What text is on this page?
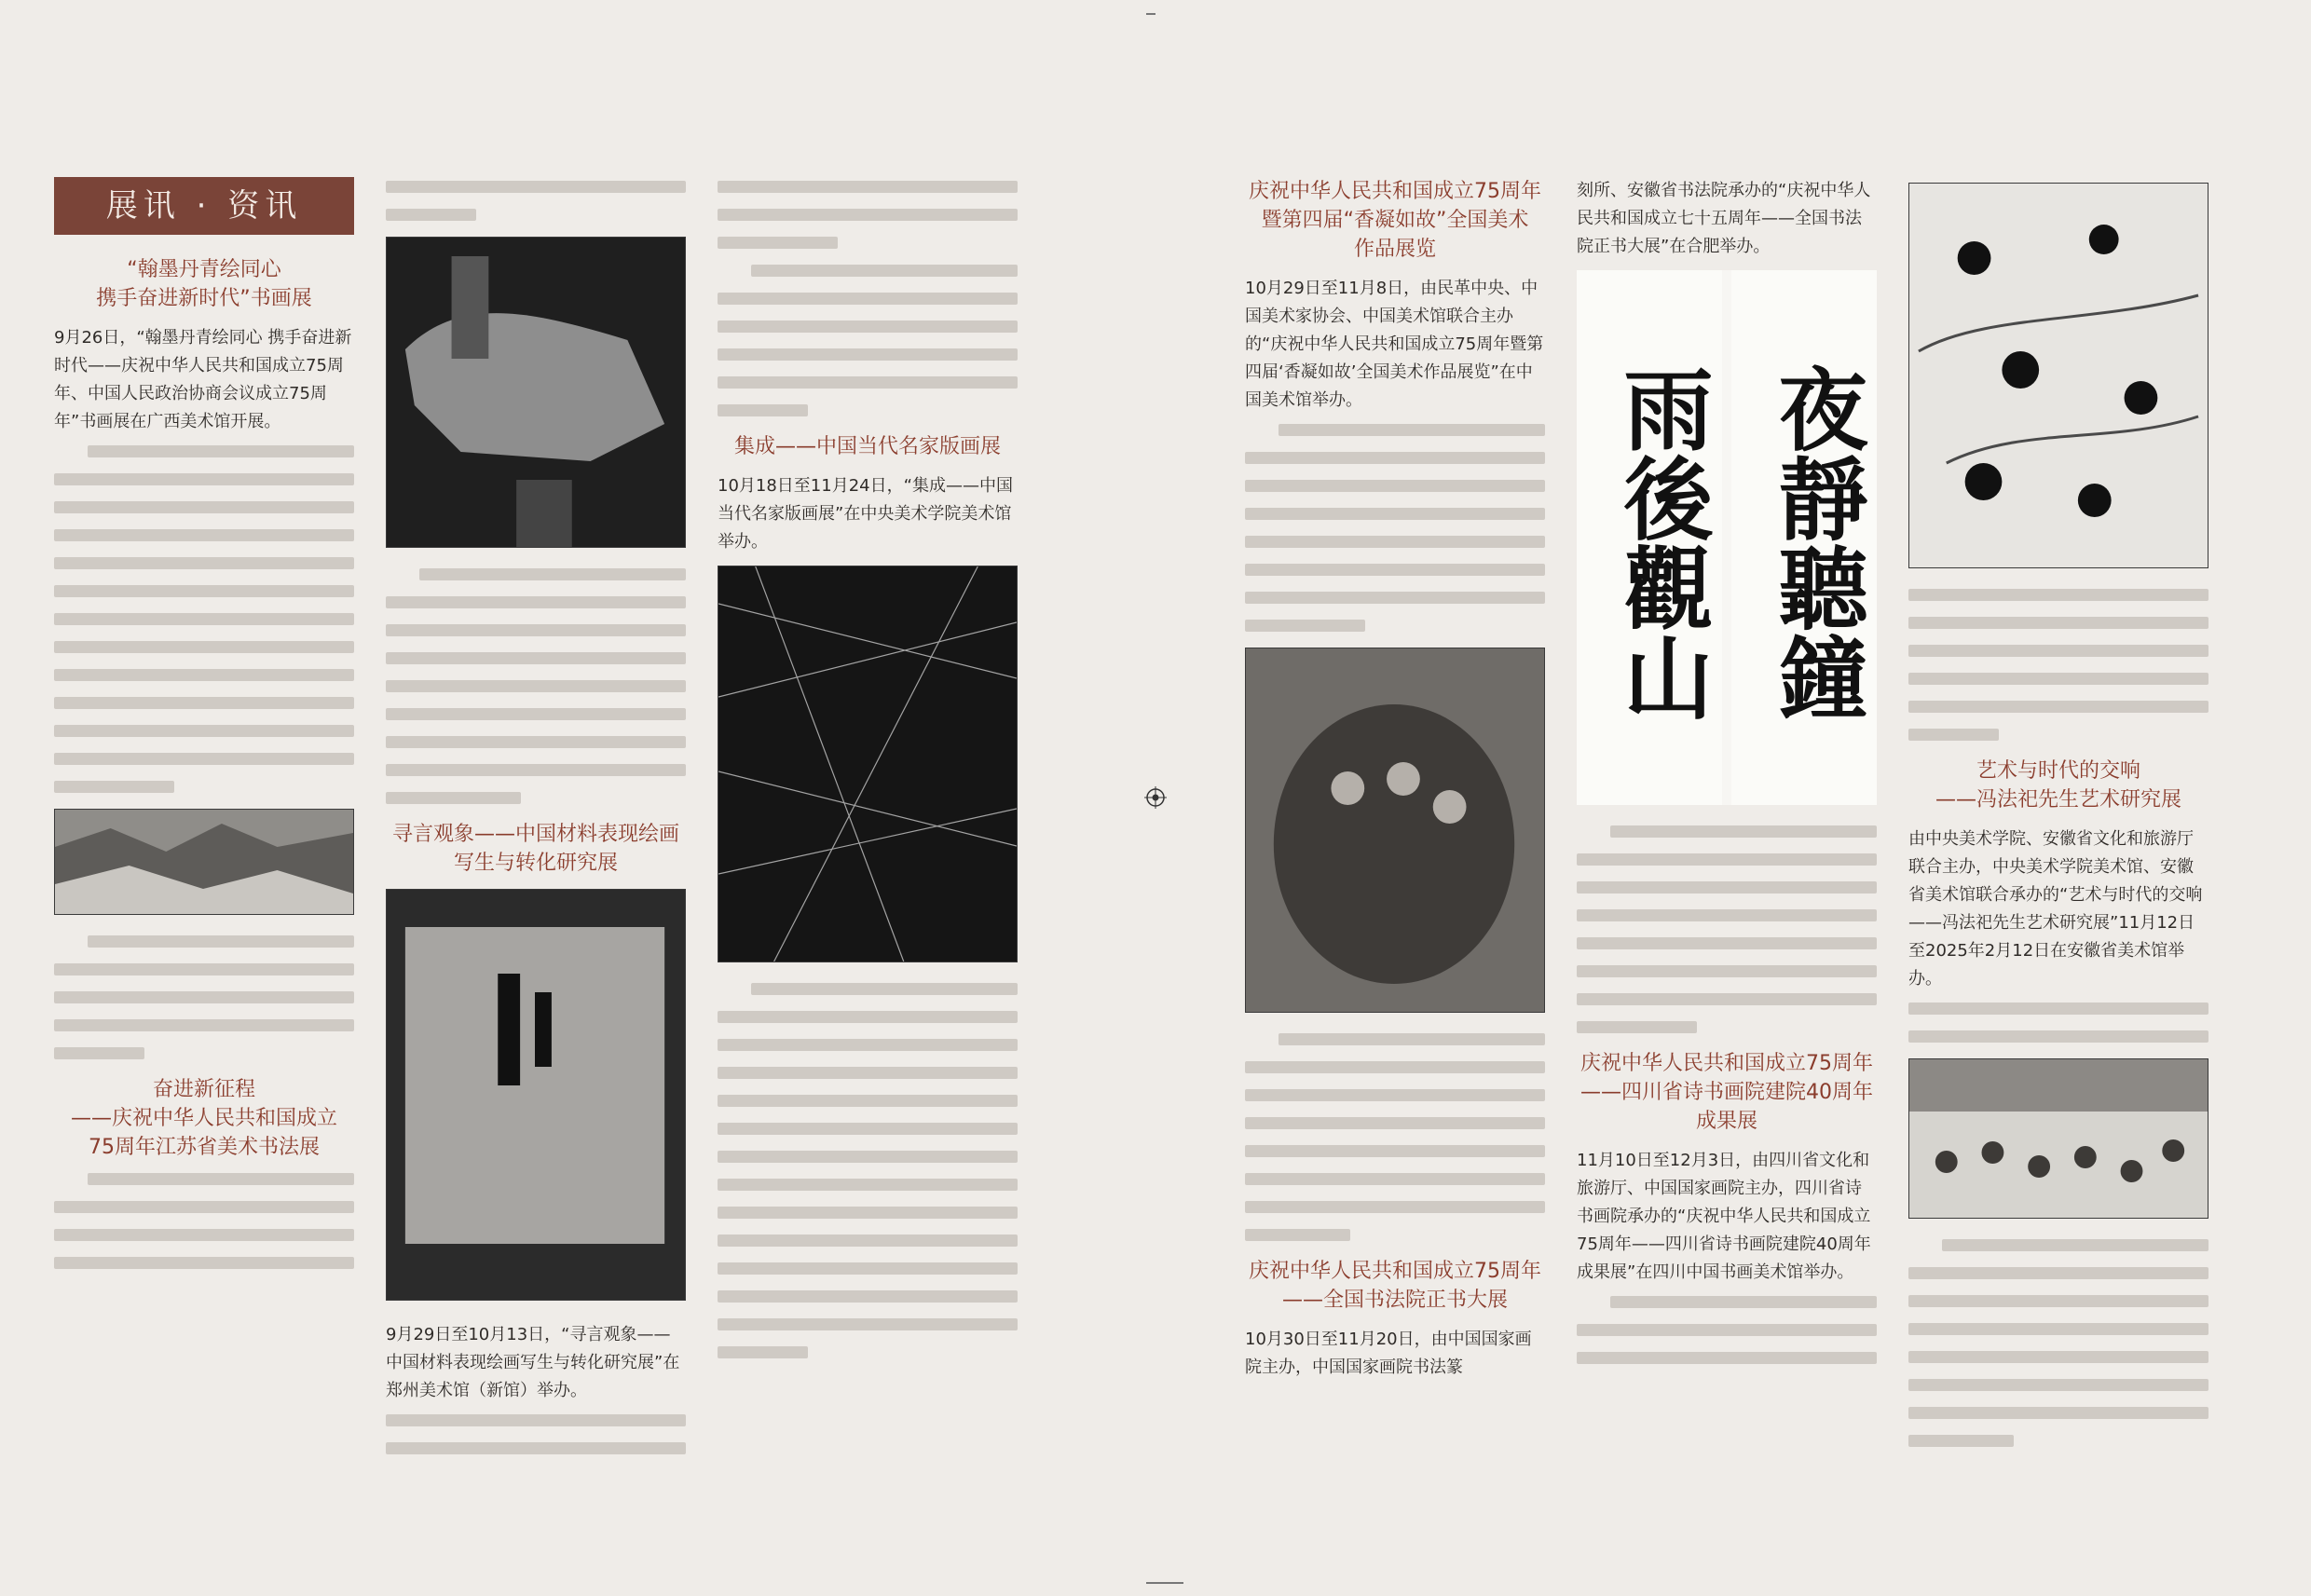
展讯 · 资讯
“翰墨丹青绘同心
携手奋进新时代”书画展

9月26日，“翰墨丹青绘同心 携手奋进新时代——庆祝中华人民共和国成立75周年、中国人民政治协商会议成立75周年”书画展在广西美术馆开展。

奋进新征程
——庆祝中华人民共和国成立
75周年江苏省美术书法展
寻言观象——中国材料表现绘画
写生与转化研究展

9月29日至10月13日，“寻言观象——中国材料表现绘画写生与转化研究展”在郑州美术馆（新馆）举办。

集成——中国当代名家版画展

10月18日至11月24日，“集成——中国当代名家版画展”在中央美术学院美术馆举办。

庆祝中华人民共和国成立75周年
暨第四届“香凝如故”全国美术
作品展览

10月29日至11月8日，由民革中央、中国美术家协会、中国美术馆联合主办的“庆祝中华人民共和国成立75周年暨第四届‘香凝如故’全国美术作品展览”在中国美术馆举办。

庆祝中华人民共和国成立75周年
——全国书法院正书大展

10月30日至11月20日，由中国国家画院主办，中国国家画院书法篆

刻所、安徽省书法院承办的“庆祝中华人民共和国成立七十五周年——全国书法院正书大展”在合肥举办。

雨後觀山 夜靜聽鐘
庆祝中华人民共和国成立75周年
——四川省诗书画院建院40周年
成果展

11月10日至12月3日，由四川省文化和旅游厅、中国国家画院主办，四川省诗书画院承办的“庆祝中华人民共和国成立75周年——四川省诗书画院建院40周年成果展”在四川中国书画美术馆举办。

艺术与时代的交响
——冯法祀先生艺术研究展

由中央美术学院、安徽省文化和旅游厅联合主办，中央美术学院美术馆、安徽省美术馆联合承办的“艺术与时代的交响——冯法祀先生艺术研究展”11月12日至2025年2月12日在安徽省美术馆举办。
